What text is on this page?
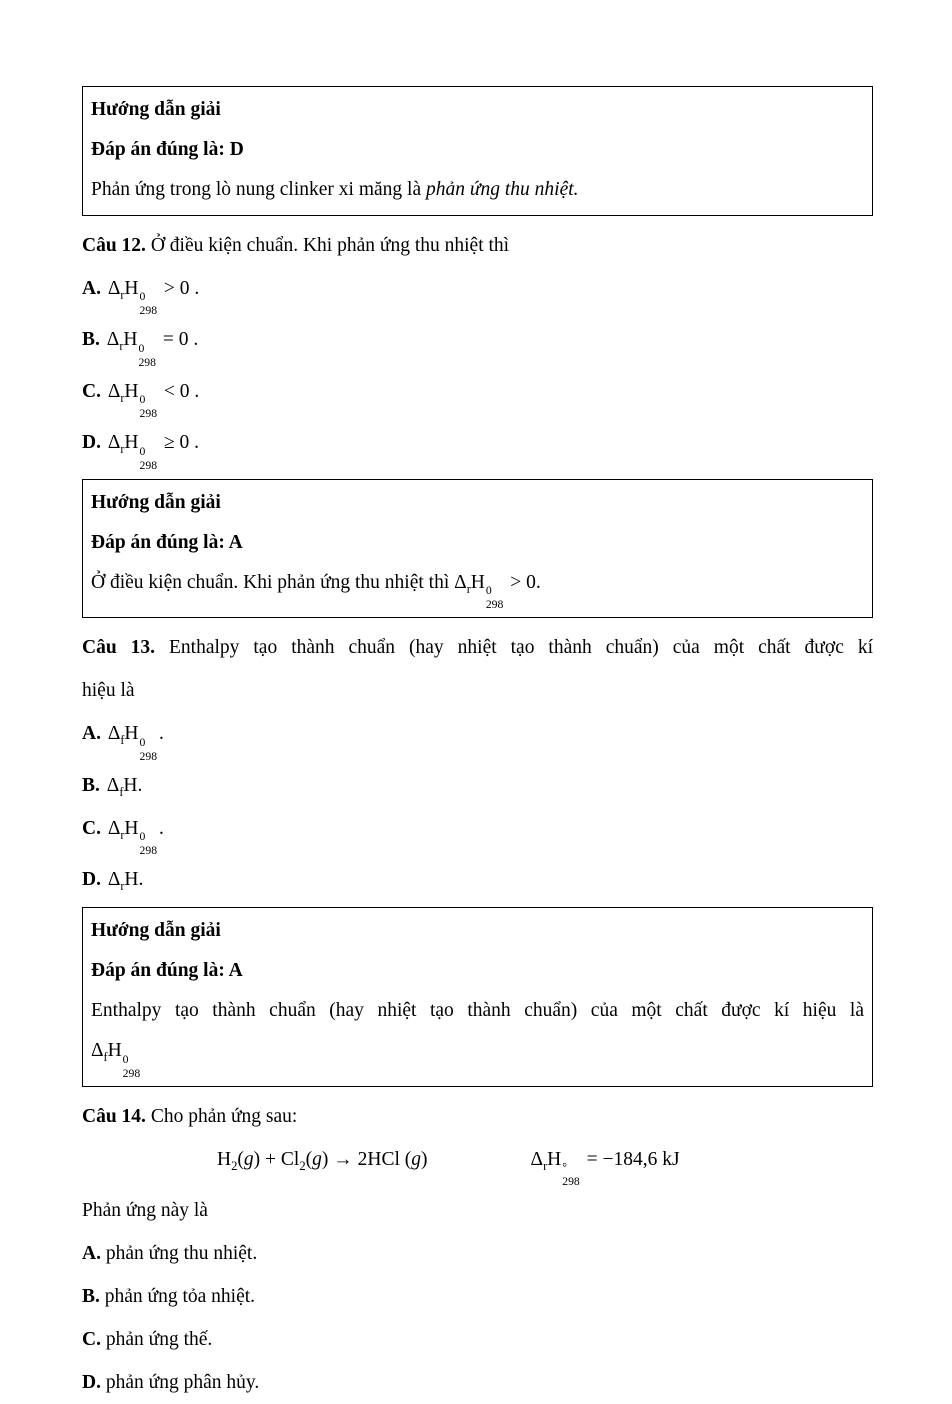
Hướng dẫn giải
Đáp án đúng là: D
Phản ứng trong lò nung clinker xi măng là phản ứng thu nhiệt.
Câu 12. Ở điều kiện chuẩn. Khi phản ứng thu nhiệt thì
A. $\Delta_rH$ 0
298
> 0 .
B. $\Delta_rH$ 0
298
= 0 .
C. $\Delta_rH$ 0
298
< 0 .
D. $\Delta_rH$ 0
298
≥ 0 .
Hướng dẫn giải
Đáp án đúng là: A
Ở điều kiện chuẩn. Khi phản ứng thu nhiệt thì $\Delta_rH$ 0
298
> 0.
Câu 13. Enthalpy tạo thành chuẩn (hay nhiệt tạo thành chuẩn) của một chất được kí
hiệu là
A. $\Delta_fH$ 0
298
.
B. $\Delta_fH$.
C. $\Delta_rH$ 0
298
.
D. $\Delta_rH$.
Hướng dẫn giải
Đáp án đúng là: A
Enthalpy tạo thành chuẩn (hay nhiệt tạo thành chuẩn) của một chất được kí hiệu là
$\Delta_fH$ 0
298
Câu 14. Cho phản ứng sau:
$H_2(g) + Cl_2(g) \to 2HCl$ (g)	$\Delta_rH$ °
298
= −184,6 kJ
Phản ứng này là
A. phản ứng thu nhiệt.
B. phản ứng tỏa nhiệt.
C. phản ứng thế.
D. phản ứng phân hủy.
